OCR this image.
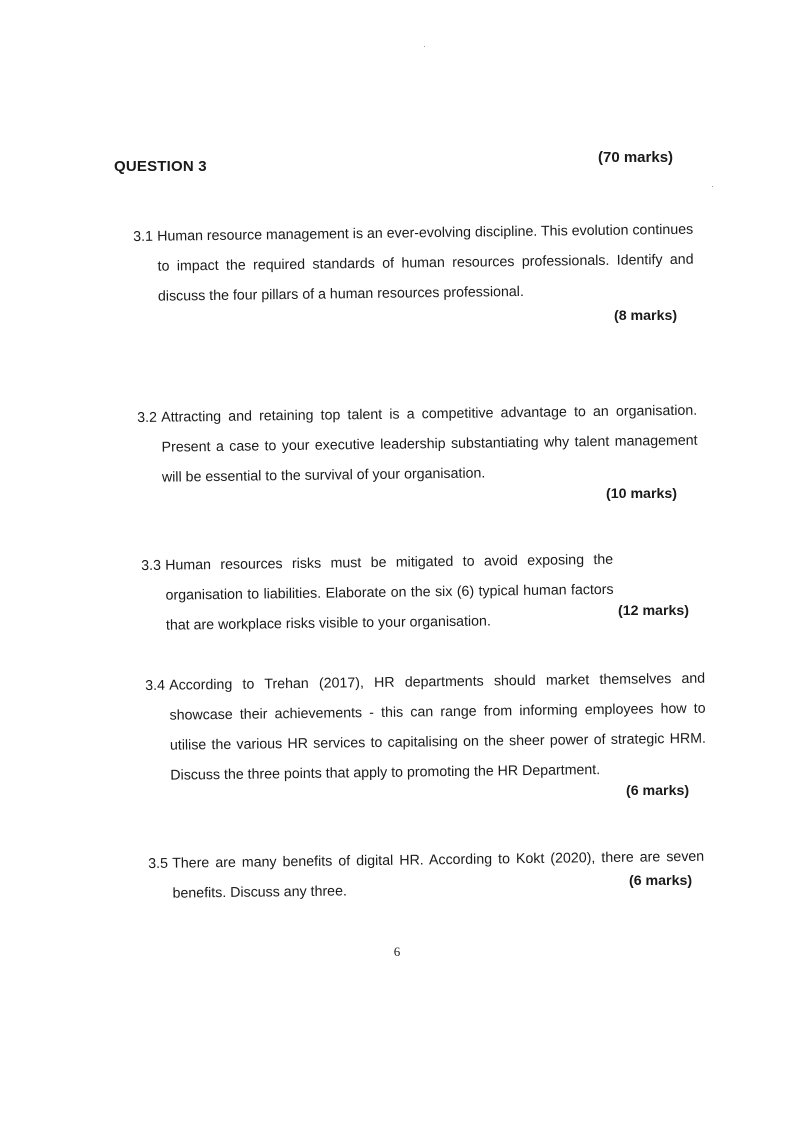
QUESTION 3
(70 marks)
3.1 Human resource management is an ever-evolving discipline. This evolution continues to impact the required standards of human resources professionals. Identify and discuss the four pillars of a human resources professional.
(8 marks)
3.2 Attracting and retaining top talent is a competitive advantage to an organisation. Present a case to your executive leadership substantiating why talent management will be essential to the survival of your organisation.
(10 marks)
3.3 Human resources risks must be mitigated to avoid exposing the organisation to liabilities. Elaborate on the six (6) typical human factors that are workplace risks visible to your organisation.
(12 marks)
3.4 According to Trehan (2017), HR departments should market themselves and showcase their achievements - this can range from informing employees how to utilise the various HR services to capitalising on the sheer power of strategic HRM. Discuss the three points that apply to promoting the HR Department.
(6 marks)
3.5 There are many benefits of digital HR. According to Kokt (2020), there are seven benefits. Discuss any three.
(6 marks)
6
